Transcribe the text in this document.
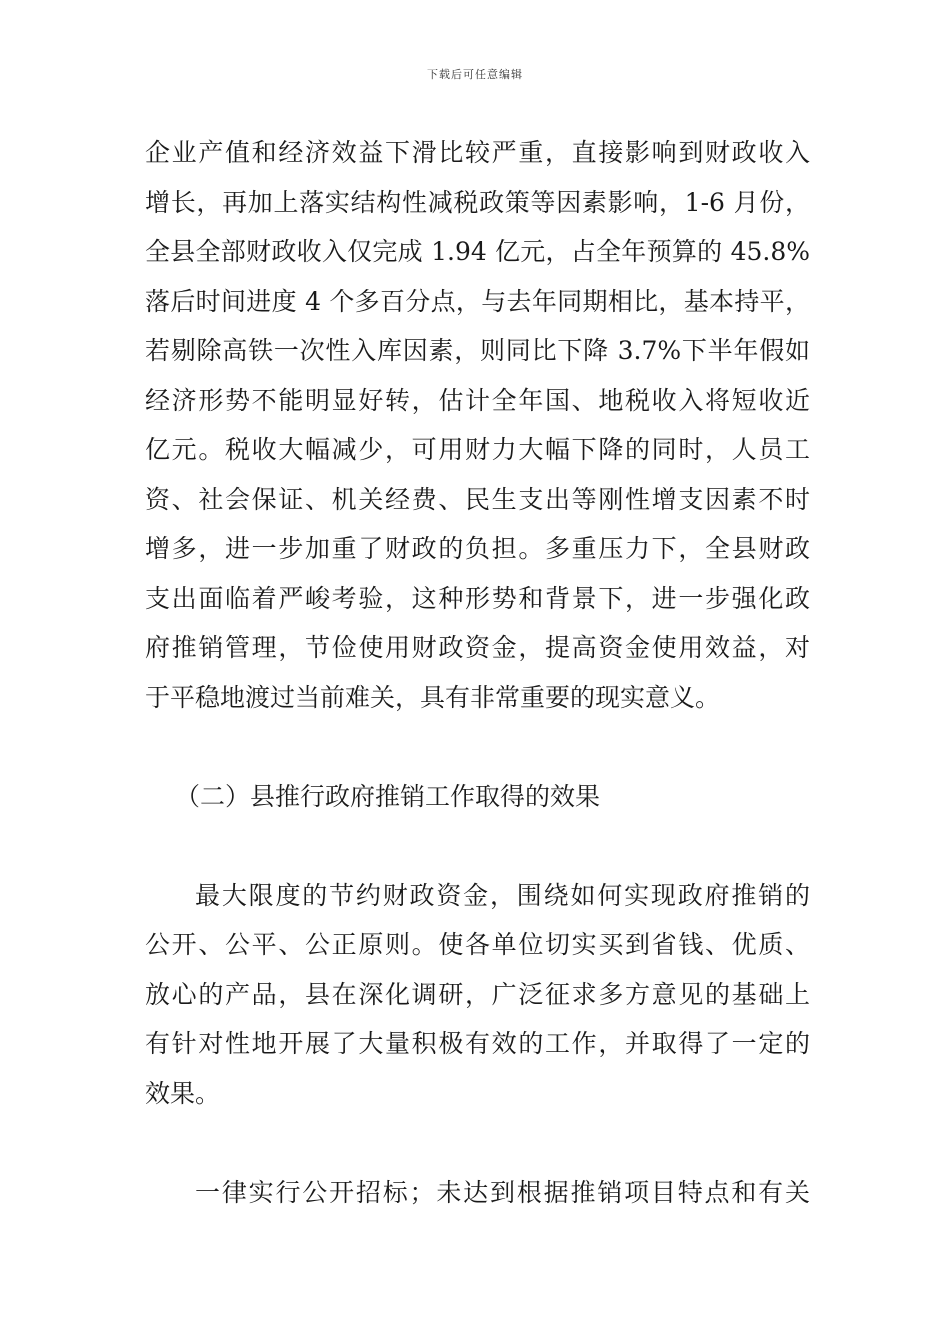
下载后可任意编辑
企业产值和经济效益下滑比较严重，直接影响到财政收入
增长，再加上落实结构性减税政策等因素影响，1-6 月份，
全县全部财政收入仅完成 1.94 亿元，占全年预算的 45.8%
落后时间进度 4 个多百分点，与去年同期相比，基本持平，
若剔除高铁一次性入库因素，则同比下降 3.7%下半年假如
经济形势不能明显好转，估计全年国、地税收入将短收近
亿元。税收大幅减少，可用财力大幅下降的同时，人员工
资、社会保证、机关经费、民生支出等刚性增支因素不时
增多，进一步加重了财政的负担。多重压力下，全县财政
支出面临着严峻考验，这种形势和背景下，进一步强化政
府推销管理，节俭使用财政资金，提高资金使用效益，对
于平稳地渡过当前难关，具有非常重要的现实意义。
（二）县推行政府推销工作取得的效果
最大限度的节约财政资金，围绕如何实现政府推销的
公开、公平、公正原则。使各单位切实买到省钱、优质、
放心的产品，县在深化调研，广泛征求多方意见的基础上
有针对性地开展了大量积极有效的工作，并取得了一定的
效果。
一律实行公开招标；未达到根据推销项目特点和有关
